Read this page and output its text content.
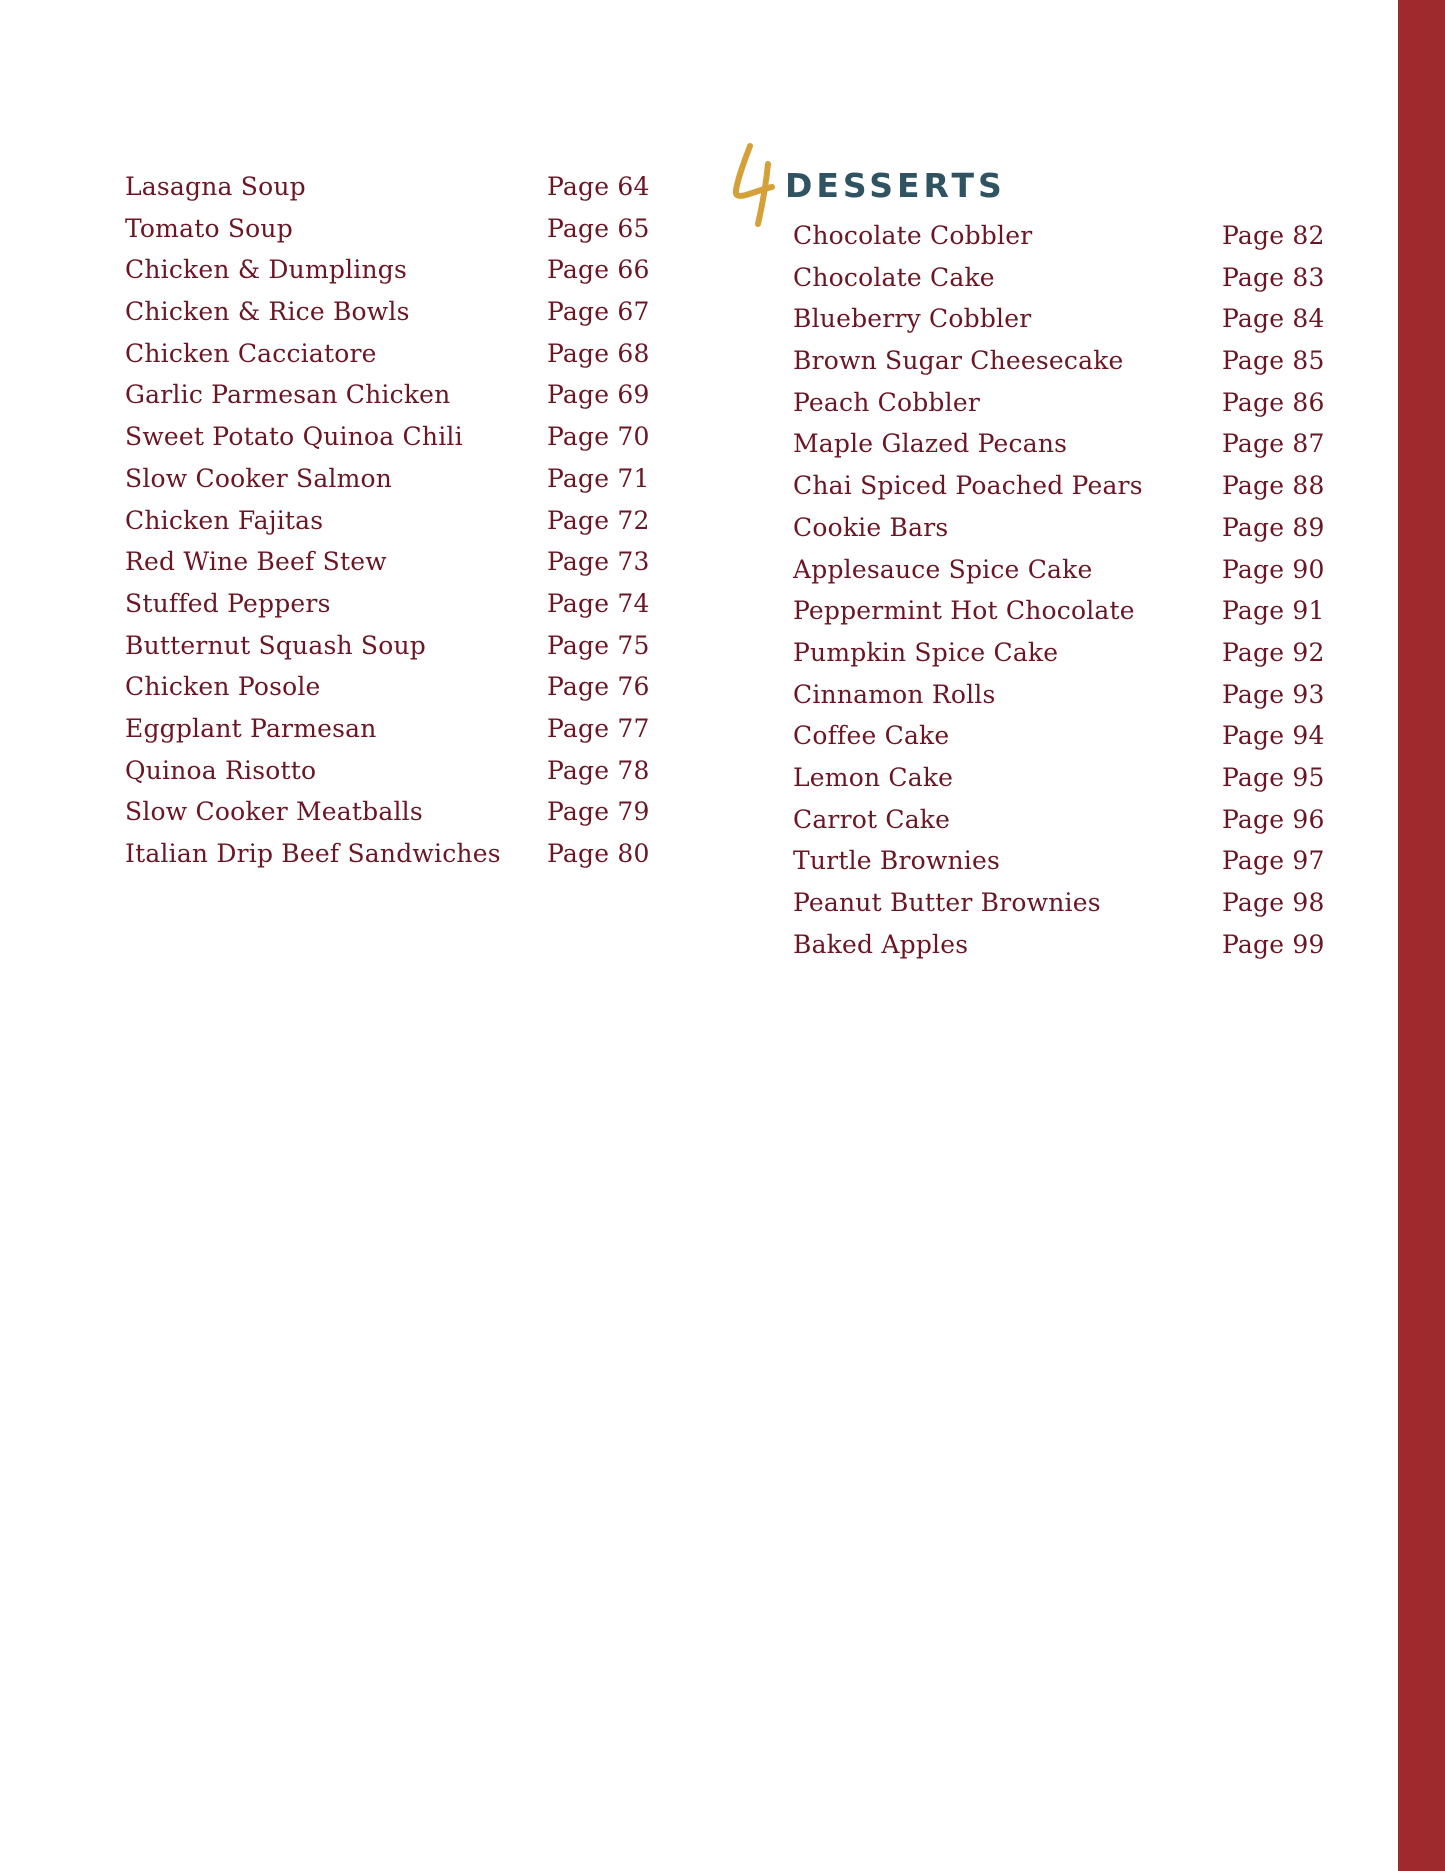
Lasagna Soup	Page 64
Tomato Soup	Page 65
Chicken & Dumplings	Page 66
Chicken & Rice Bowls	Page 67
Chicken Cacciatore	Page 68
Garlic Parmesan Chicken	Page 69
Sweet Potato Quinoa Chili	Page 70
Slow Cooker Salmon	Page 71
Chicken Fajitas	Page 72
Red Wine Beef Stew	Page 73
Stuffed Peppers	Page 74
Butternut Squash Soup	Page 75
Chicken Posole	Page 76
Eggplant Parmesan	Page 77
Quinoa Risotto	Page 78
Slow Cooker Meatballs	Page 79
Italian Drip Beef Sandwiches Page 80
DESSERTS
Chocolate Cobbler	Page 82
Chocolate Cake	Page 83
Blueberry Cobbler	Page 84
Brown Sugar Cheesecake	Page 85
Peach Cobbler	Page 86
Maple Glazed Pecans	Page 87
Chai Spiced Poached Pears	Page 88
Cookie Bars	Page 89
Applesauce Spice Cake	Page 90
Peppermint Hot Chocolate	Page 91
Pumpkin Spice Cake	Page 92
Cinnamon Rolls	Page 93
Coffee Cake	Page 94
Lemon Cake	Page 95
Carrot Cake	Page 96
Turtle Brownies	Page 97
Peanut Butter Brownies	Page 98
Baked Apples	Page 99
